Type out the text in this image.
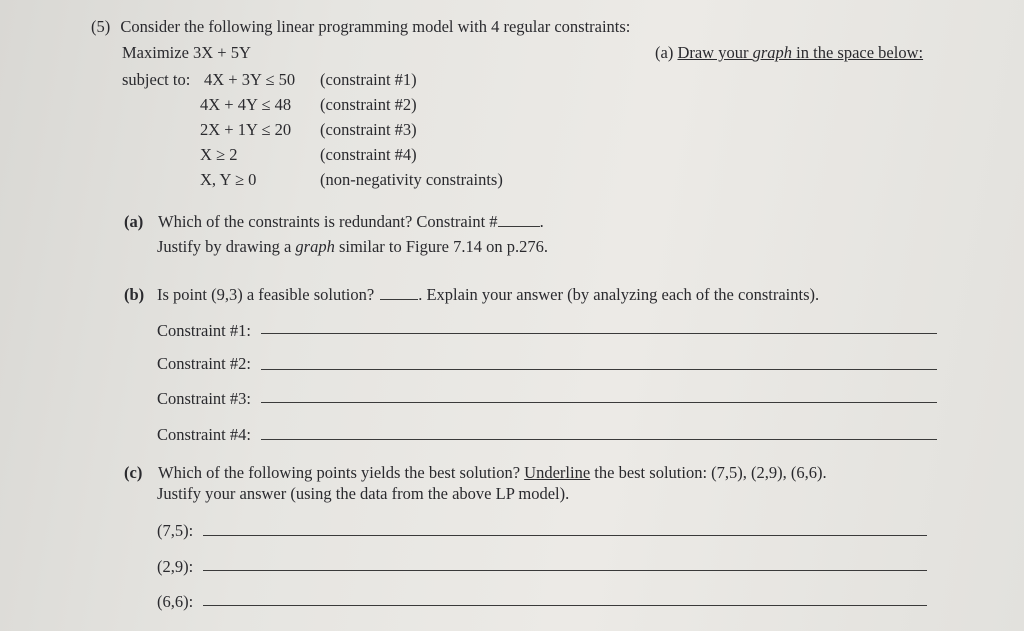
(5) Consider the following linear programming model with 4 regular constraints:
Maximize 3X + 5Y	(a) Draw your graph in the space below:
subject to: 4X + 3Y ≤ 50 (constraint #1)
4X + 4Y ≤ 48 (constraint #2)
2X + 1Y ≤ 20 (constraint #3)
X ≥ 2	(constraint #4)
X, Y ≥ 0	(non-negativity constraints)
(a) Which of the constraints is redundant? Constraint #	.
Justify by drawing a graph similar to Figure 7.14 on p.276.
(b) Is point (9,3) a feasible solution?	. Explain your answer (by analyzing each of the constraints).
Constraint #1:
Constraint #2:
Constraint #3:
Constraint #4:
(c) Which of the following points yields the best solution? Underline the best solution: (7,5), (2,9), (6,6).
Justify your answer (using the data from the above LP model).
(7,5):
(2,9):
(6,6):
